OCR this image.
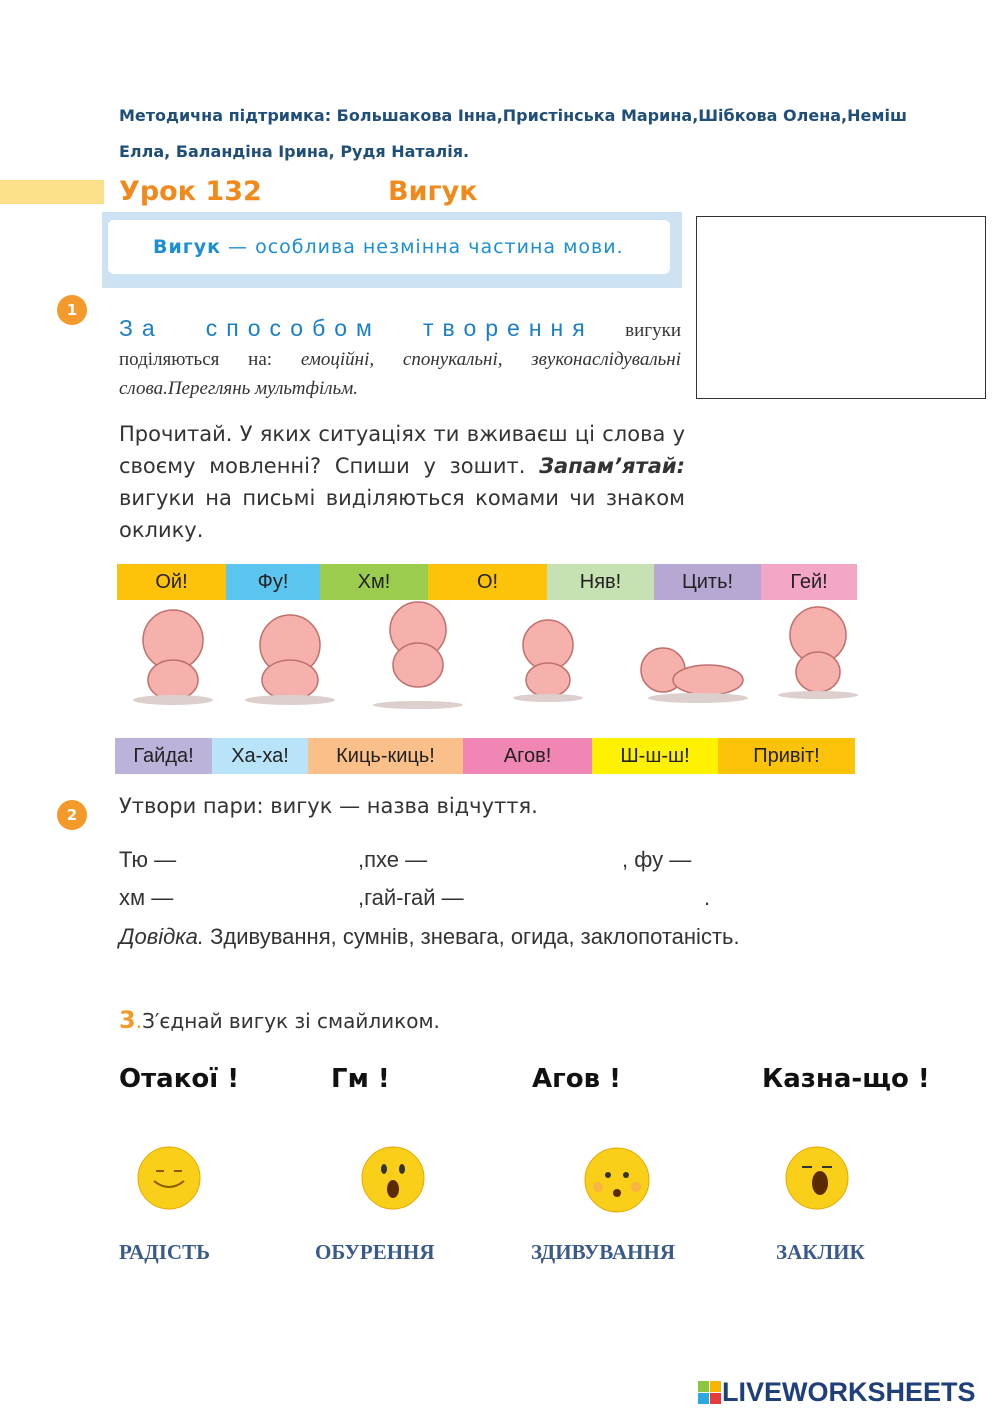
Методична підтримка: Большакова Інна,Пристінська Марина,Шібкова Олена,Неміш Елла, Баландіна Ірина, Рудя Наталія.
Урок 132	Вигук
Вигук — особлива незмінна частина мови.
1
За способом творення вигуки поділяються на: емоційні, спонукальні, звуконаслідувальні слова.Переглянь мультфільм.
Прочитай. У яких ситуаціях ти вживаєш ці слова у своєму мовленні? Спиши у зошит. Запам’ятай: вигуки на письмі виділяються комами чи знаком оклику.
Ой!	Фу!	Хм!	О!	Няв!	Цить!	Гей!
Гайда!	Ха-ха!	Киць-киць!	Агов!	Ш-ш-ш!	Привіт!
2	Утвори пари: вигук — назва відчуття.
Тю —	,пхе —	, фу —
хм —	,гай-гай —	.
Довідка. Здивування, сумнів, зневага, огида, заклопотаність.
3.З′єднай вигук зі смайликом.
Отакої !	Гм !	Агов !	Казна-що !
РАДІСТЬ	ОБУРЕННЯ	ЗДИВУВАННЯ	ЗАКЛИК
LIVEWORKSHEETS
